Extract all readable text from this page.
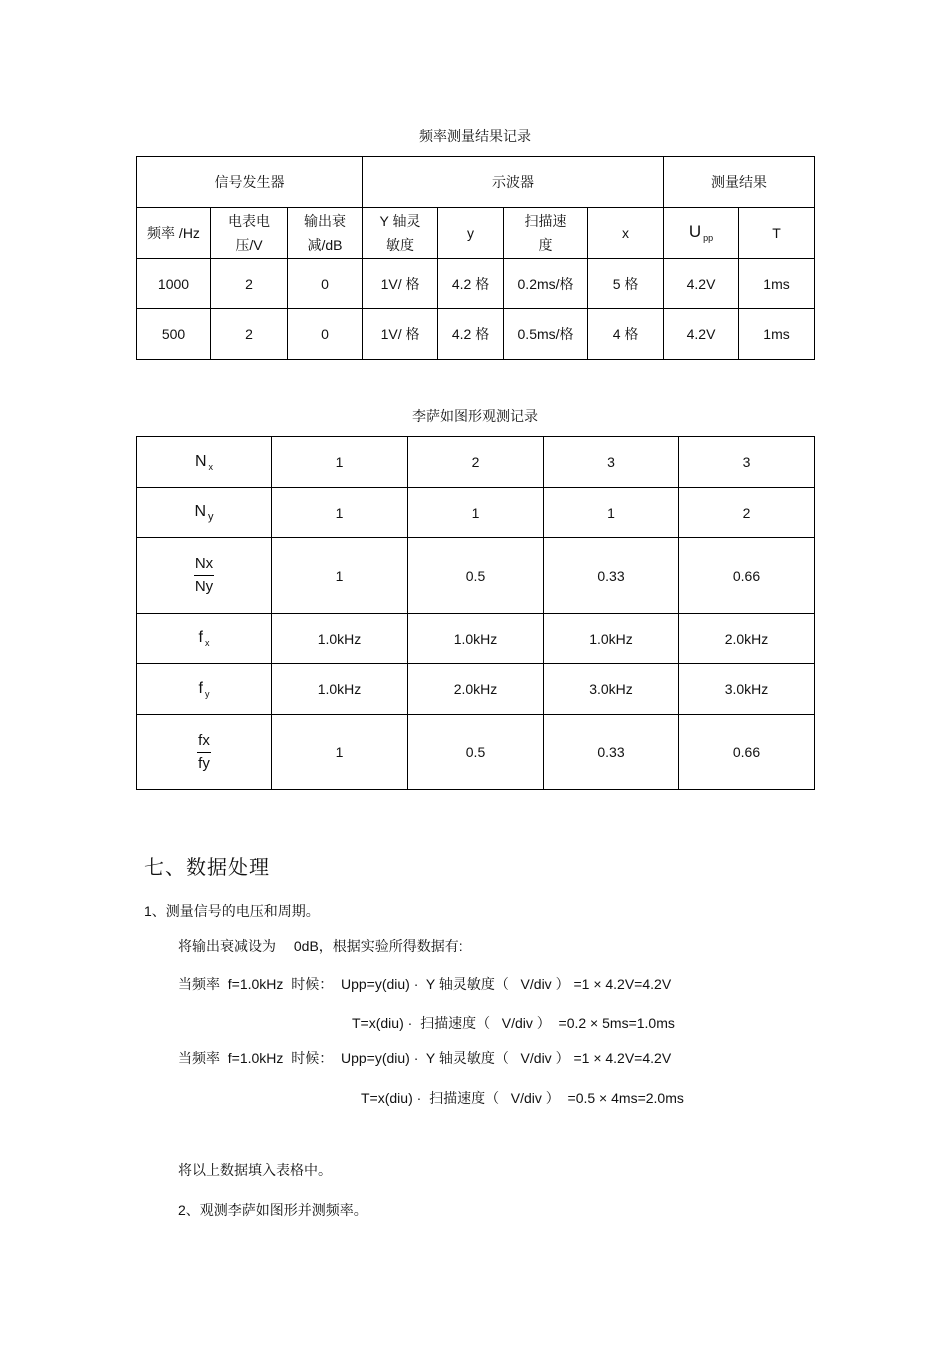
频率测量结果记录
信号发生器			示波器				测量结果	
频率 /Hz	电表电压/V	输出衰减/dB	Y 轴灵敏度	y	扫描速度	x	U $_{pp}$	T
1000	2	0	1V/ 格	4.2 格	0.2ms/格	5 格	4.2V	1ms
500	2	0	1V/ 格	4.2 格	0.5ms/格	4 格	4.2V	1ms
李萨如图形观测记录
N $_x$	1	2	3	3
N $_y$	1	1	1	2

$\frac{Nx}{Ny}$	1	0.5	0.33	0.66
f $_x$	1.0kHz	1.0kHz	1.0kHz	2.0kHz
f $_y$	1.0kHz	2.0kHz	3.0kHz	3.0kHz

$\frac{fx}{fy}$	1	0.5	0.33	0.66
七、数据处理
1、测量信号的电压和周期。
将输出衰减设为　 0dB，根据实验所得数据有:
当频率  f=1.0kHz  时候：  Upp=y(diu) ·  Y 轴灵敏度（   V/div ） =1 × 4.2V=4.2V
T=x(diu) ·  扫描速度（   V/div ）  =0.2 × 5ms=1.0ms
当频率  f=1.0kHz  时候：  Upp=y(diu) ·  Y 轴灵敏度（   V/div ） =1 × 4.2V=4.2V
T=x(diu) ·  扫描速度（   V/div ）  =0.5 × 4ms=2.0ms
将以上数据填入表格中。
2、观测李萨如图形并测频率。
